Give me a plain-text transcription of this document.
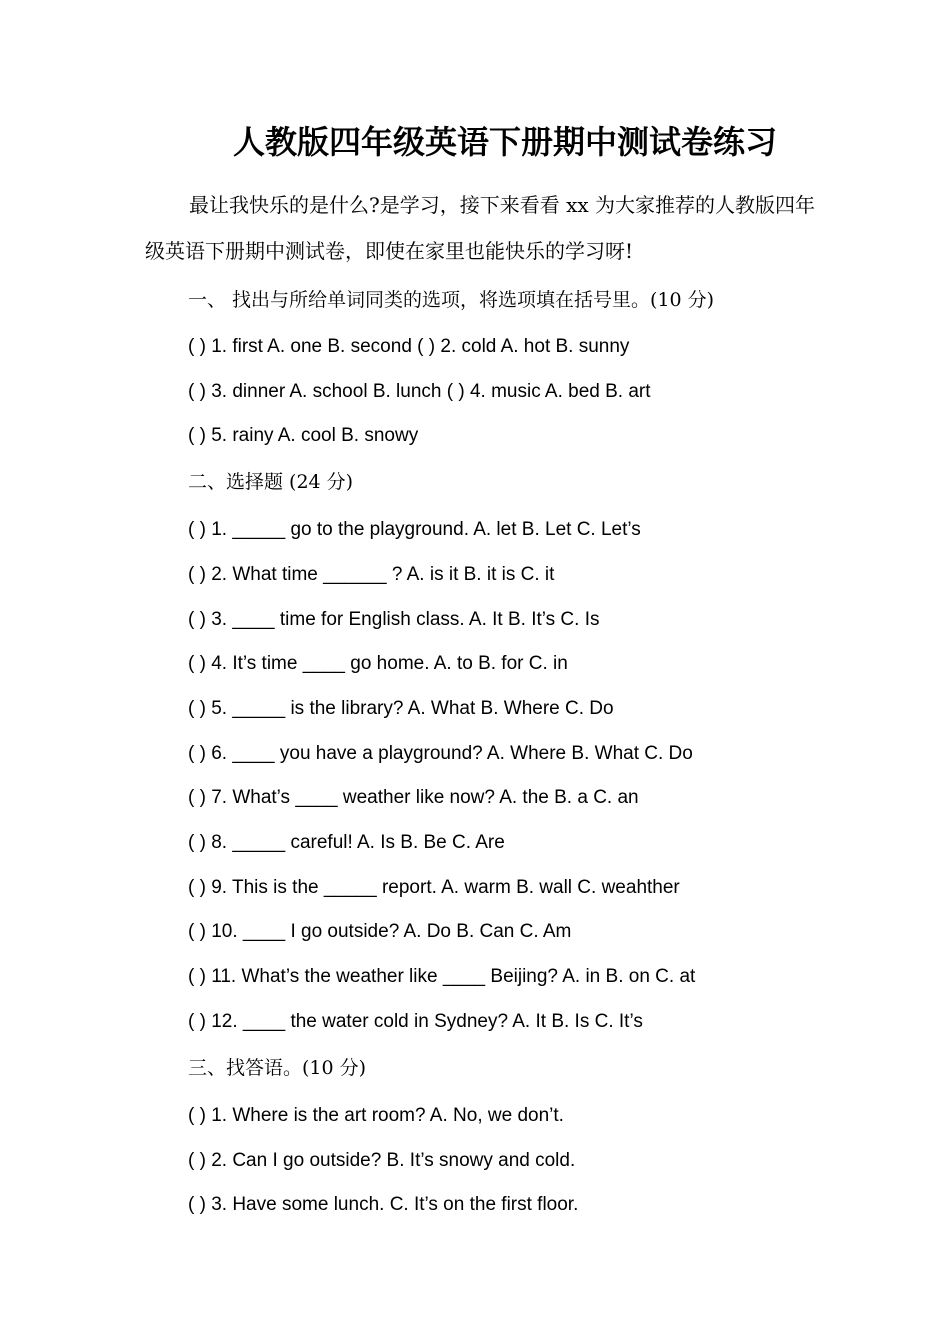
人教版四年级英语下册期中测试卷练习
最让我快乐的是什么?是学习，接下来看看 xx 为大家推荐的人教版四年级英语下册期中测试卷，即使在家里也能快乐的学习呀!
一、 找出与所给单词同类的选项，将选项填在括号里。(10 分)
( ) 1. first A. one B. second ( ) 2. cold A. hot B. sunny
( ) 3. dinner A. school B. lunch ( ) 4. music A. bed B. art
( ) 5. rainy A. cool B. snowy
二、选择题 (24 分)
( ) 1. _____ go to the playground. A. let B. Let C. Let’s
( ) 2. What time ______ ? A. is it B. it is C. it
( ) 3. ____ time for English class. A. It B. It’s C. Is
( ) 4. It’s time ____ go home. A. to B. for C. in
( ) 5. _____ is the library? A. What B. Where C. Do
( ) 6. ____ you have a playground? A. Where B. What C. Do
( ) 7. What’s ____ weather like now? A. the B. a C. an
( ) 8. _____ careful! A. Is B. Be C. Are
( ) 9. This is the _____ report. A. warm B. wall C. weahther
( ) 10. ____ I go outside? A. Do B. Can C. Am
( ) 11. What’s the weather like ____ Beijing? A. in B. on C. at
( ) 12. ____ the water cold in Sydney? A. It B. Is C. It’s
三、找答语。(10 分)
( ) 1. Where is the art room? A. No, we don’t.
( ) 2. Can I go outside? B. It’s snowy and cold.
( ) 3. Have some lunch. C. It’s on the first floor.
